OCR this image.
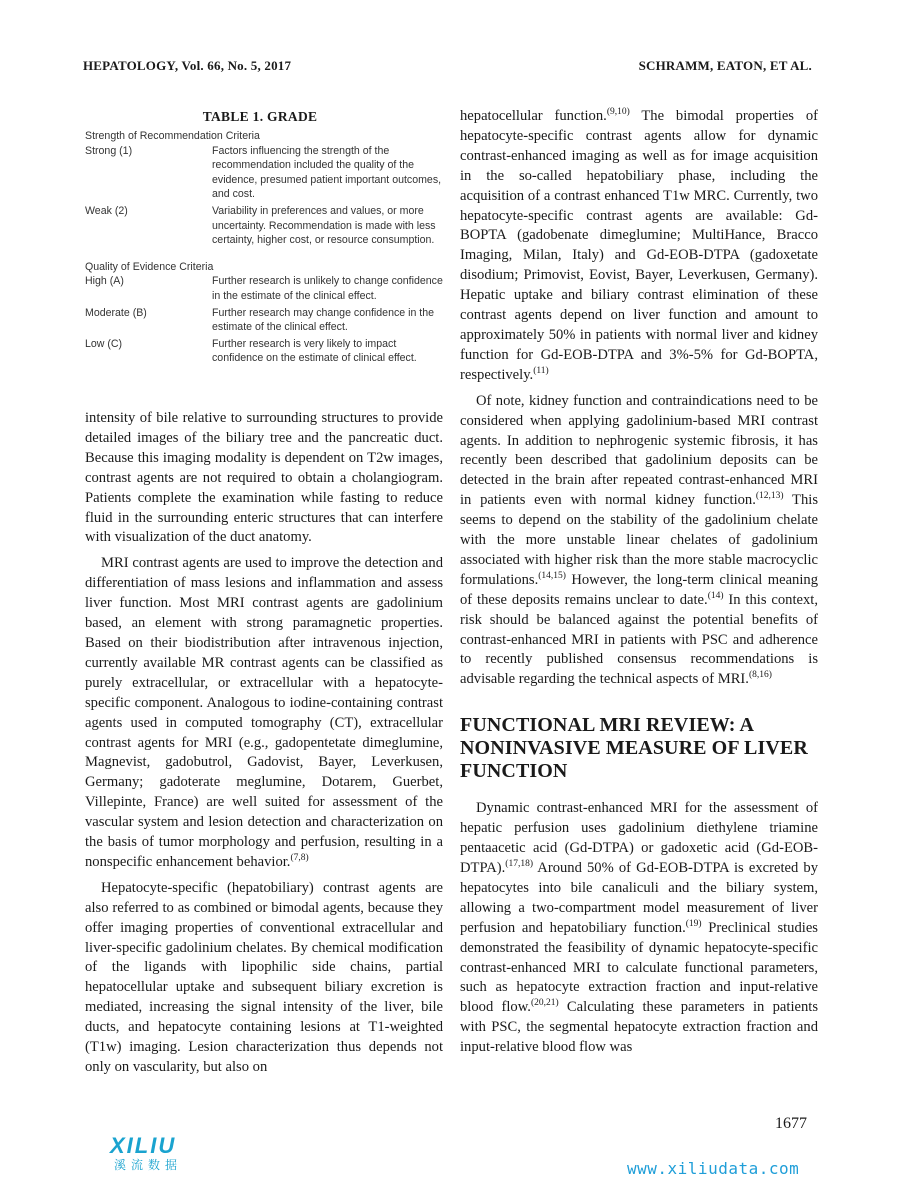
HEPATOLOGY, Vol. 66, No. 5, 2017	SCHRAMM, EATON, ET AL.
TABLE 1. GRADE
Strength of Recommendation Criteria
Strong (1)	Factors influencing the strength of the recommendation included the quality of the evidence, presumed patient important outcomes, and cost.
Weak (2)	Variability in preferences and values, or more uncertainty. Recommendation is made with less certainty, higher cost, or resource consumption.
Quality of Evidence Criteria
High (A)	Further research is unlikely to change confidence in the estimate of the clinical effect.
Moderate (B)	Further research may change confidence in the estimate of the clinical effect.
Low (C)	Further research is very likely to impact confidence on the estimate of clinical effect.

intensity of bile relative to surrounding structures to provide detailed images of the biliary tree and the pancreatic duct. Because this imaging modality is dependent on T2w images, contrast agents are not required to obtain a cholangiogram. Patients complete the examination while fasting to reduce fluid in the surrounding enteric structures that can interfere with visualization of the duct anatomy.

MRI contrast agents are used to improve the detection and differentiation of mass lesions and inflammation and assess liver function. Most MRI contrast agents are gadolinium based, an element with strong paramagnetic properties. Based on their biodistribution after intravenous injection, currently available MR contrast agents can be classified as purely extracellular, or extracellular with a hepatocyte-specific component. Analogous to iodine-containing contrast agents used in computed tomography (CT), extracellular contrast agents for MRI (e.g., gadopentetate dimeglumine, Magnevist, gadobutrol, Gadovist, Bayer, Leverkusen, Germany; gadoterate meglumine, Dotarem, Guerbet, Villepinte, France) are well suited for assessment of the vascular system and lesion detection and characterization on the basis of tumor morphology and perfusion, resulting in a nonspecific enhancement behavior.$^{(7,8)}$

Hepatocyte-specific (hepatobiliary) contrast agents are also referred to as combined or bimodal agents, because they offer imaging properties of conventional extracellular and liver-specific gadolinium chelates. By chemical modification of the ligands with lipophilic side chains, partial hepatocellular uptake and subsequent biliary excretion is mediated, increasing the signal intensity of the liver, bile ducts, and hepatocyte containing lesions at T1-weighted (T1w) imaging. Lesion characterization thus depends not only on vascularity, but also on

hepatocellular function.$^{(9,10)}$ The bimodal properties of hepatocyte-specific contrast agents allow for dynamic contrast-enhanced imaging as well as for image acquisition in the so-called hepatobiliary phase, including the acquisition of a contrast enhanced T1w MRC. Currently, two hepatocyte-specific contrast agents are available: Gd-BOPTA (gadobenate dimeglumine; MultiHance, Bracco Imaging, Milan, Italy) and Gd-EOB-DTPA (gadoxetate disodium; Primovist, Eovist, Bayer, Leverkusen, Germany). Hepatic uptake and biliary contrast elimination of these contrast agents depend on liver function and amount to approximately 50% in patients with normal liver and kidney function for Gd-EOB-DTPA and 3%-5% for Gd-BOPTA, respectively.$^{(11)}$

Of note, kidney function and contraindications need to be considered when applying gadolinium-based MRI contrast agents. In addition to nephrogenic systemic fibrosis, it has recently been described that gadolinium deposits can be detected in the brain after repeated contrast-enhanced MRI in patients even with normal kidney function.$^{(12,13)}$ This seems to depend on the stability of the gadolinium chelate with the more unstable linear chelates of gadolinium associated with higher risk than the more stable macrocyclic formulations.$^{(14,15)}$ However, the long-term clinical meaning of these deposits remains unclear to date.$^{(14)}$ In this context, risk should be balanced against the potential benefits of contrast-enhanced MRI in patients with PSC and adherence to recently published consensus recommendations is advisable regarding the technical aspects of MRI.$^{(8,16)}$

FUNCTIONAL MRI REVIEW: A NONINVASIVE MEASURE OF LIVER FUNCTION

Dynamic contrast-enhanced MRI for the assessment of hepatic perfusion uses gadolinium diethylene triamine pentaacetic acid (Gd-DTPA) or gadoxetic acid (Gd-EOB-DTPA).$^{(17,18)}$ Around 50% of Gd-EOB-DTPA is excreted by hepatocytes into bile canaliculi and the biliary system, allowing a two-compartment model measurement of liver perfusion and hepatobiliary function.$^{(19)}$ Preclinical studies demonstrated the feasibility of dynamic hepatocyte-specific contrast-enhanced MRI to calculate functional parameters, such as hepatocyte extraction fraction and input-relative blood flow.$^{(20,21)}$ Calculating these parameters in patients with PSC, the segmental hepatocyte extraction fraction and input-relative blood flow was

1677
XILIU
溪流数据	www.xiliudata.com
